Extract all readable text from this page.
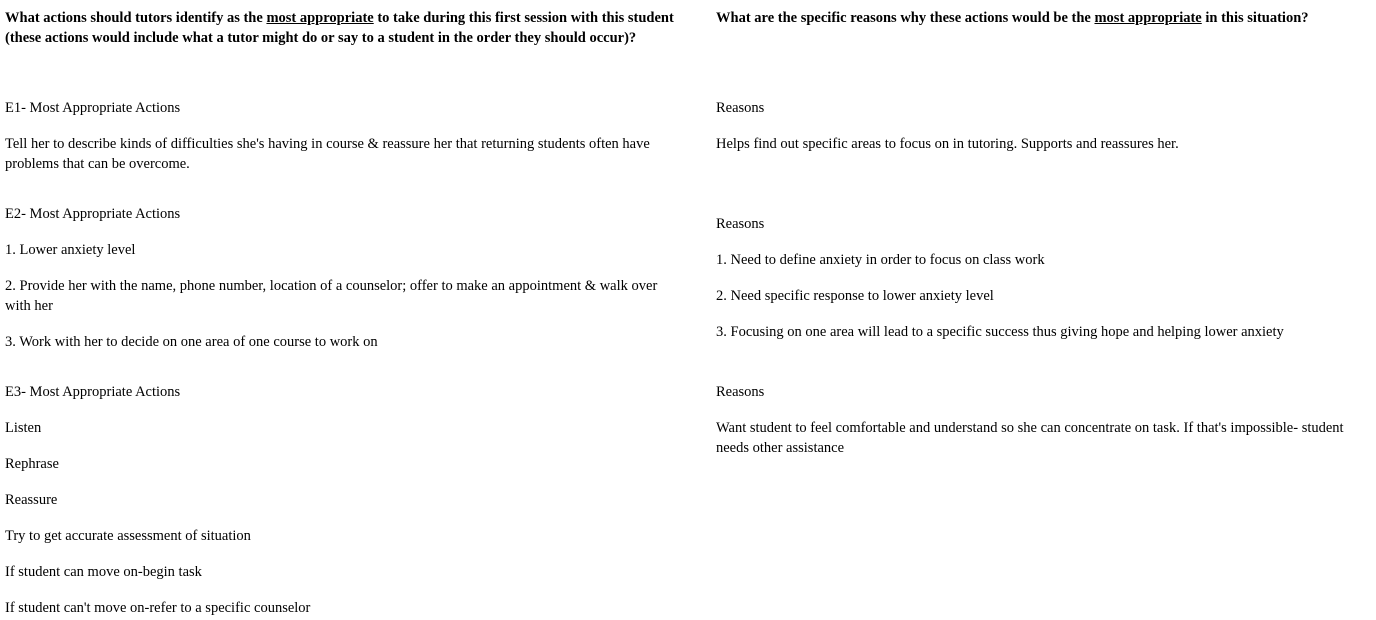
What actions should tutors identify as the most appropriate to take during this first session with this student (these actions would include what a tutor might do or say to a student in the order they should occur)?

What are the specific reasons why these actions would be the most appropriate in this situation?

E1- Most Appropriate Actions

Tell her to describe kinds of difficulties she's having in course & reassure her that returning students often have problems that can be overcome.

Reasons

Helps find out specific areas to focus on in tutoring. Supports and reassures her.

E2- Most Appropriate Actions

1. Lower anxiety level

2. Provide her with the name, phone number, location of a counselor; offer to make an appointment & walk over with her

3. Work with her to decide on one area of one course to work on

Reasons

1. Need to define anxiety in order to focus on class work

2. Need specific response to lower anxiety level

3. Focusing on one area will lead to a specific success thus giving hope and helping lower anxiety

E3- Most Appropriate Actions

Listen

Rephrase

Reassure

Try to get accurate assessment of situation

If student can move on-begin task

If student can't move on-refer to a specific counselor

Reasons

Want student to feel comfortable and understand so she can concentrate on task. If that's impossible- student needs other assistance
